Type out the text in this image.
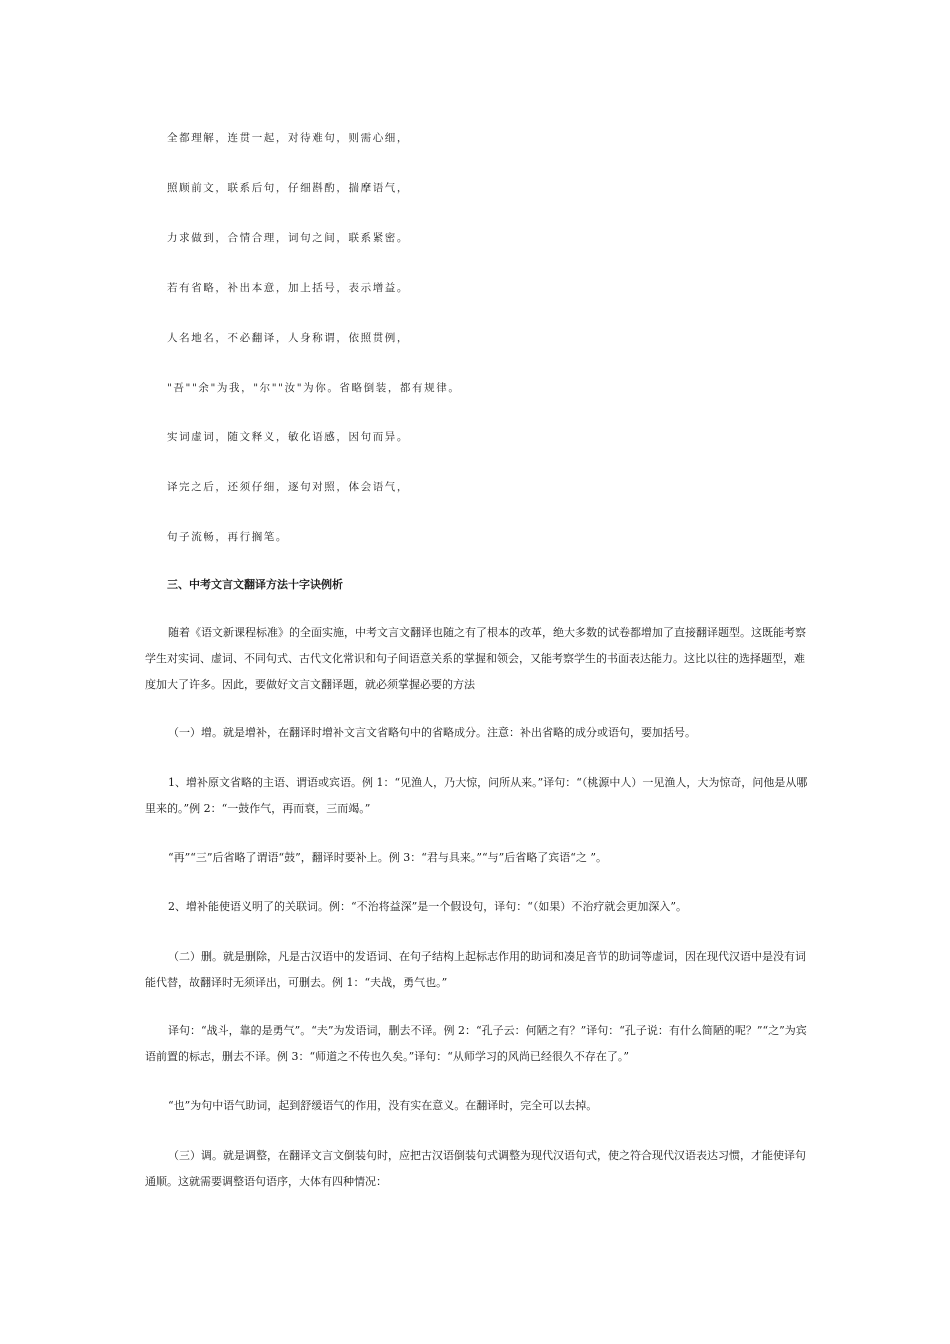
全都理解，连贯一起，对待难句，则需心细，
照顾前文，联系后句，仔细斟酌，揣摩语气，
力求做到，合情合理，词句之间，联系紧密。
若有省略，补出本意，加上括号，表示增益。
人名地名，不必翻译，人身称谓，依照贯例，
"吾""余"为我，"尔""汝"为你。省略倒装，都有规律。
实词虚词，随文释义，敏化语感，因句而异。
译完之后，还须仔细，逐句对照，体会语气，
句子流畅，再行搁笔。
三、中考文言文翻译方法十字诀例析
随着《语文新课程标准》的全面实施，中考文言文翻译也随之有了根本的改革，绝大多数的试卷都增加了直接翻译题型。这既能考察学生对实词、虚词、不同句式、古代文化常识和句子间语意关系的掌握和领会，又能考察学生的书面表达能力。这比以往的选择题型，难度加大了许多。因此，要做好文言文翻译题，就必须掌握必要的方法
（一）增。就是增补，在翻译时增补文言文省略句中的省略成分。注意：补出省略的成分或语句，要加括号。
1、增补原文省略的主语、谓语或宾语。例 1：“见渔人，乃大惊，问所从来。”译句：“（桃源中人）一见渔人，大为惊奇，问他是从哪里来的。”例 2：“一鼓作气，再而衰，三而竭。”
“再”“三”后省略了谓语“鼓”，翻译时要补上。例 3：“君与具来。”“与”后省略了宾语“之 ”。
2、增补能使语义明了的关联词。例：“不治将益深”是一个假设句，译句：“（如果）不治疗就会更加深入”。
（二）删。就是删除，凡是古汉语中的发语词、在句子结构上起标志作用的助词和凑足音节的助词等虚词，因在现代汉语中是没有词能代替，故翻译时无须译出，可删去。例 1：“夫战，勇气也。”
译句：“战斗，靠的是勇气”。“夫”为发语词，删去不译。例 2：“孔子云：何陋之有？”译句：“孔子说：有什么简陋的呢？”“之”为宾语前置的标志，删去不译。例 3：“师道之不传也久矣。”译句：“从师学习的风尚已经很久不存在了。”
“也”为句中语气助词，起到舒缓语气的作用，没有实在意义。在翻译时，完全可以去掉。
（三）调。就是调整，在翻译文言文倒装句时，应把古汉语倒装句式调整为现代汉语句式，使之符合现代汉语表达习惯，才能使译句通顺。这就需要调整语句语序，大体有四种情况：
